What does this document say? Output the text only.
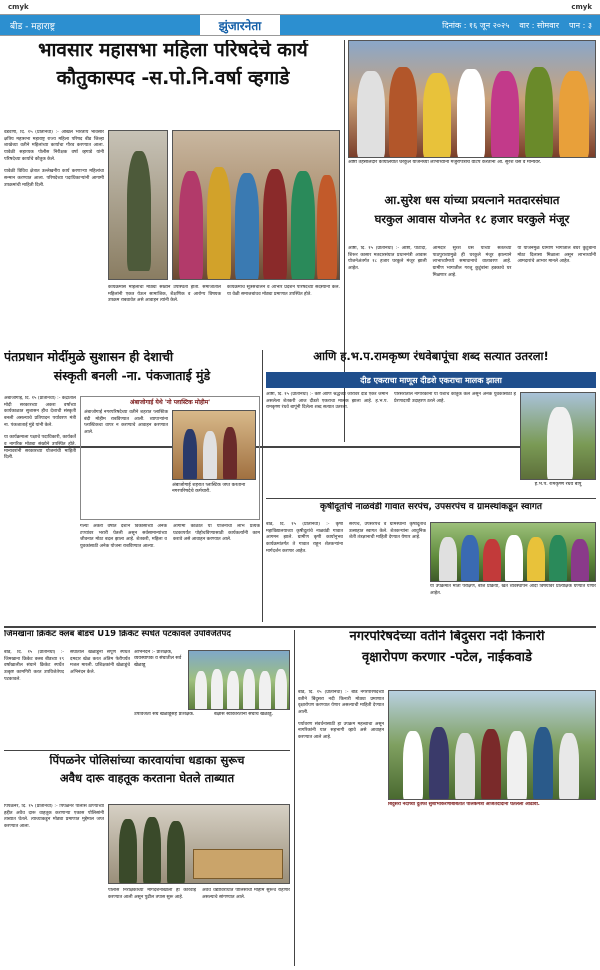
cmyk	cmyk
बीड - महाराष्ट्र	झुंजारनेता	दिनांक : १६ जून २०२५ वार : सोमवार पान : ३
भावसार महासभा महिला परिषदेचे कार्य
कौतुकास्पद -स.पो.नि.वर्षा व्हगाडे

वडवणी, दि. १५ (प्रतिनिधी) :- अखिल भारतीय भावसार क्षत्रिय महासभा महाराष्ट्र राज्य महिला परिषद बीड जिल्हा शाखेच्या वतीने महिलांच्या कार्याचा गौरव करण्यात आला. यावेळी सहाय्यक पोलीस निरीक्षक वर्षा व्हगाडे यांनी परिषदेच्या कार्याचे कौतुक केले.

यावेळी विविध क्षेत्रात उल्लेखनीय कार्य करणाऱ्या महिलांचा सन्मान करण्यात आला. परिषदेच्या पदाधिकाऱ्यांनी आगामी उपक्रमांची माहिती दिली.

कार्यक्रमास महिलांची मोठ्या संख्येने उपस्थिती होती. समाजातील महिलांनी एकत्र येऊन सामाजिक, शैक्षणिक व आरोग्य विषयक उपक्रम राबवावेत असे आवाहन त्यांनी केले.

कार्यक्रमाचे सूत्रसंचालन व आभार प्रदर्शन परिषदेच्या सदस्यांनी केले. या वेळी समाजबांधव मोठ्या प्रमाणात उपस्थित होते.

आष्टी तहसीलदार कार्यालयात घरकुल योजनेच्या लाभार्थ्यांना मंजुरीपत्राचे वाटप करताना आ. सुरेश धस व मान्यवर.
आ.सुरेश धस यांच्या प्रयत्नाने मतदारसंघात
घरकुल आवास योजनेत १८ हजार घरकुले मंजूर

आष्टी, दि. १५ (प्रतिनिधी) :- आष्टी, पाटोदा, शिरूर कासार मतदारसंघात प्रधानमंत्री आवास योजनेअंतर्गत १८ हजार घरकुले मंजूर झाली आहेत.

आमदार सुरेश धस यांच्या सततच्या पाठपुराव्यामुळे ही घरकुले मंजूर झाल्याने लाभार्थ्यांमध्ये समाधानाचे वातावरण आहे. ग्रामीण भागातील गरजू कुटुंबांना हक्काचे घर मिळणार आहे.

या योजनेमुळे ग्रामीण भागातील बेघर कुटुंबांना मोठा दिलासा मिळाला असून लाभार्थ्यांनी आमदारांचे आभार मानले आहेत.

पंतप्रधान मोदींमुळे सुशासन ही देशाची
संस्कृती बनली -ना. पंकजाताई मुंडे

अंबाजोगाई, दि. १५ (प्रतिनिधी) :- केंद्रातील मोदी सरकारच्या अकरा वर्षांच्या कार्यकाळात सुशासन हीच देशाची संस्कृती बनली असल्याचे प्रतिपादन पर्यावरण मंत्री ना. पंकजाताई मुंडे यांनी केले.

या कार्यक्रमाला पक्षाचे पदाधिकारी, कार्यकर्ते व नागरिक मोठ्या संख्येने उपस्थित होते. मान्यवरांनी सरकारच्या योजनांची माहिती दिली.

अंबाजोगाई येथे 'नो प्लास्टिक मोहीम'

अंबाजोगाई नगरपरिषदेच्या वतीने शहरात प्लास्टिक बंदी मोहीम राबविण्यात आली. व्यापाऱ्यांना प्लास्टिकचा वापर न करण्याचे आवाहन करण्यात आले.

अंबाजोगाई शहरात प्लास्टिक जप्त करताना नगरपरिषदेचे कर्मचारी.

गेल्या अकरा वर्षांत देशाने विकासाच्या अनेक टप्प्यांवर भरारी घेतली असून सर्वसामान्यांच्या जीवनात मोठा बदल झाला आहे. शेतकरी, महिला व युवकांसाठी अनेक योजना राबविण्यात आल्या.

आगामी काळात या योजनांचा लाभ प्रत्येक घटकापर्यंत पोहोचविण्यासाठी कार्यकर्त्यांनी काम करावे असे आवाहन करण्यात आले.

आणि ह.भ.प.रामकृष्ण रंधवेबापूंचा शब्द सत्यात उतरला!
दीड एकराचा माणूस दीडशे एकराचा मालक झाला

आष्टी, दि. १५ (प्रतिनिधी) :- कष्ट आणि श्रद्धेच्या जोरावर दीड एकर जमीन असलेला शेतकरी आज दीडशे एकराचा मालक झाला आहे. ह.भ.प. रामकृष्ण रंधवे बापूंनी दिलेला शब्द सत्यात उतरला.

परिसरातील नागरिकांनी या यशाचे कौतुक केले असून अनेक युवकांसाठी हे प्रेरणादायी उदाहरण ठरले आहे.

ह.भ.प. रामकृष्ण रंधवे बापू
कृषीदूतांचे नाळवंडी गावात सरपंच, उपसरपंच व ग्रामस्थांकडून स्वागत

बीड, दि. १५ (प्रतिनिधी) :- कृषी महाविद्यालयाच्या कृषीदूतांचे नाळवंडी गावात आगमन झाले. ग्रामीण कृषी कार्यानुभव कार्यक्रमांतर्गत ते गावात राहून शेतकऱ्यांना मार्गदर्शन करणार आहेत.

सरपंच, उपसरपंच व ग्रामस्थांनी कृषीदूतांचे उत्साहात स्वागत केले. शेतकऱ्यांना आधुनिक शेती तंत्रज्ञानाची माहिती देण्यात येणार आहे.

या उपक्रमात माती परीक्षण, बीज प्रक्रिया, खत व्यवस्थापन आदी विषयांवर प्रात्यक्षिके घेण्यात येणार आहेत.

जिमखाना क्रिकेट क्लब बीडचे U19 क्रिकेट स्पर्धेत पटकावले उपविजेतेपद

बीड, दि. १५ (प्रतिनिधी) :- जिमखाना क्रिकेट क्लब बीडच्या १९ वर्षांखालील संघाने क्रिकेट स्पर्धेत उत्कृष्ट कामगिरी करत उपविजेतेपद पटकावले.

संघातील खेळाडूंनी संपूर्ण स्पर्धेत दमदार खेळ करत अंतिम फेरीपर्यंत मजल मारली. प्रशिक्षकांनी खेळाडूंचे अभिनंदन केले.

अभिनंदन :- प्रशिक्षक, व्यवस्थापक व संघातील सर्व खेळाडू
उपविजेता संघ खेळाडूंसह प्रशिक्षक.	बक्षीस स्वीकारताना संघाचे खेळाडू.
नगरपरिषदेच्या वतीने बिंदुसरा नदी किनारी
वृक्षारोपण करणार -पटेल, नाईकवाडे

बीड, दि. १५ (प्रतिनिधी) :- बीड नगरपरिषदेच्या वतीने बिंदुसरा नदी किनारी मोठ्या प्रमाणात वृक्षारोपण करण्यात येणार असल्याची माहिती देण्यात आली.

पर्यावरण संवर्धनासाठी हा उपक्रम महत्त्वाचा असून नागरिकांनी यात सहभागी व्हावे असे आवाहन करण्यात आले आहे.

बिंदुसरा नदीच्या दुतर्फा सुशोभीकरणाबाबतीत पालकमंत्री अजितदादांनी घेतलेला आढावा.
पिंपळनेर पोलिसांच्या कारवायांचा धडाका सुरूच
अवैध दारू वाहतूक करताना घेतले ताब्यात

पिंपळनेर, दि. १५ (प्रतिनिधी) :- पिंपळनेर पोलीस ठाण्याच्या हद्दीत अवैध दारू वाहतूक करणाऱ्या एकास पोलिसांनी ताब्यात घेतले. त्याच्याकडून मोठ्या प्रमाणात मुद्देमाल जप्त करण्यात आला.

पोलीस निरीक्षकांच्या मार्गदर्शनाखाली ही कारवाई करण्यात आली असून पुढील तपास सुरू आहे.

अवैध धंद्यांविरोधात पोलिसांची मोहीम सुरूच राहणार असल्याचे सांगण्यात आले.
